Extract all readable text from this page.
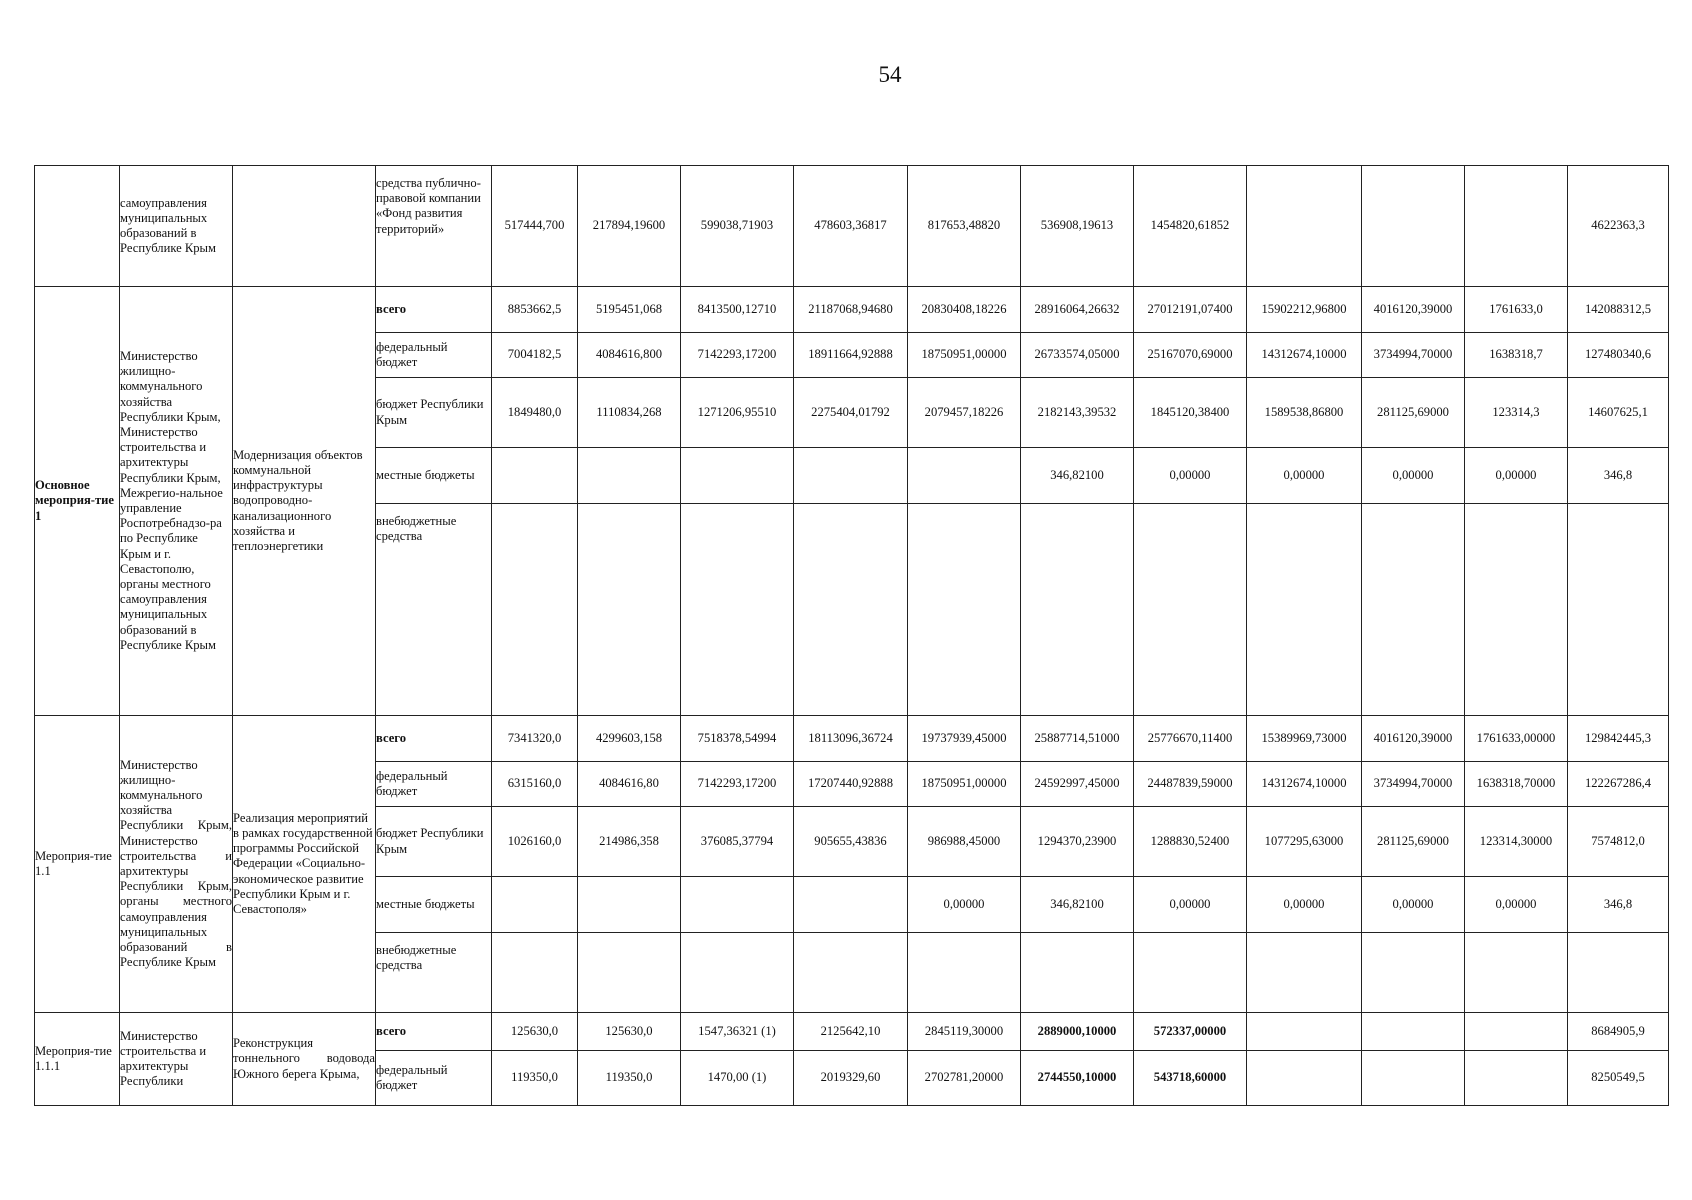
54
	самоуправления муниципальных образований в Республике Крым		средства публично-правовой компании «Фонд развития территорий»	517444,700	217894,19600	599038,71903	478603,36817	817653,48820	536908,19613	1454820,61852				4622363,3
Основное мероприя-тие 1	Министерство жилищно-коммунального хозяйства Республики Крым, Министерство строительства и архитектуры Республики Крым, Межрегио-нальное управление Роспотребнадзо-ра по Республике Крым и г. Севастополю, органы местного самоуправления муниципальных образований в Республике Крым	Модернизация объектов коммунальной инфраструктуры водопроводно-канализационного хозяйства и теплоэнергетики	всего	8853662,5	5195451,068	8413500,12710	21187068,94680	20830408,18226	28916064,26632	27012191,07400	15902212,96800	4016120,39000	1761633,0	142088312,5
			федеральный бюджет	7004182,5	4084616,800	7142293,17200	18911664,92888	18750951,00000	26733574,05000	25167070,69000	14312674,10000	3734994,70000	1638318,7	127480340,6
			бюджет Республики Крым	1849480,0	1110834,268	1271206,95510	2275404,01792	2079457,18226	2182143,39532	1845120,38400	1589538,86800	281125,69000	123314,3	14607625,1
			местные бюджеты						346,82100	0,00000	0,00000	0,00000	0,00000	346,8
			внебюджетные средства											
Мероприя-тие 1.1	Министерство жилищно-коммунального хозяйства Республики Крым, Министерство строительства и архитектуры Республики Крым, органы местного самоуправления муниципальных образований в Республике Крым	Реализация мероприятий в рамках государственной программы Российской Федерации «Социально-экономическое развитие Республики Крым и г. Севастополя»	всего	7341320,0	4299603,158	7518378,54994	18113096,36724	19737939,45000	25887714,51000	25776670,11400	15389969,73000	4016120,39000	1761633,00000	129842445,3
			федеральный бюджет	6315160,0	4084616,80	7142293,17200	17207440,92888	18750951,00000	24592997,45000	24487839,59000	14312674,10000	3734994,70000	1638318,70000	122267286,4
			бюджет Республики Крым	1026160,0	214986,358	376085,37794	905655,43836	986988,45000	1294370,23900	1288830,52400	1077295,63000	281125,69000	123314,30000	7574812,0
			местные бюджеты					0,00000	346,82100	0,00000	0,00000	0,00000	0,00000	346,8
			внебюджетные средства											
Мероприя-тие 1.1.1	Министерство строительства и архитектуры Республики	Реконструкция тоннельного водовода Южного берега Крыма,	всего	125630,0	125630,0	1547,36321 (1)	2125642,10	2845119,30000	2889000,10000	572337,00000				8684905,9
			федеральный бюджет	119350,0	119350,0	1470,00 (1)	2019329,60	2702781,20000	2744550,10000	543718,60000				8250549,5
